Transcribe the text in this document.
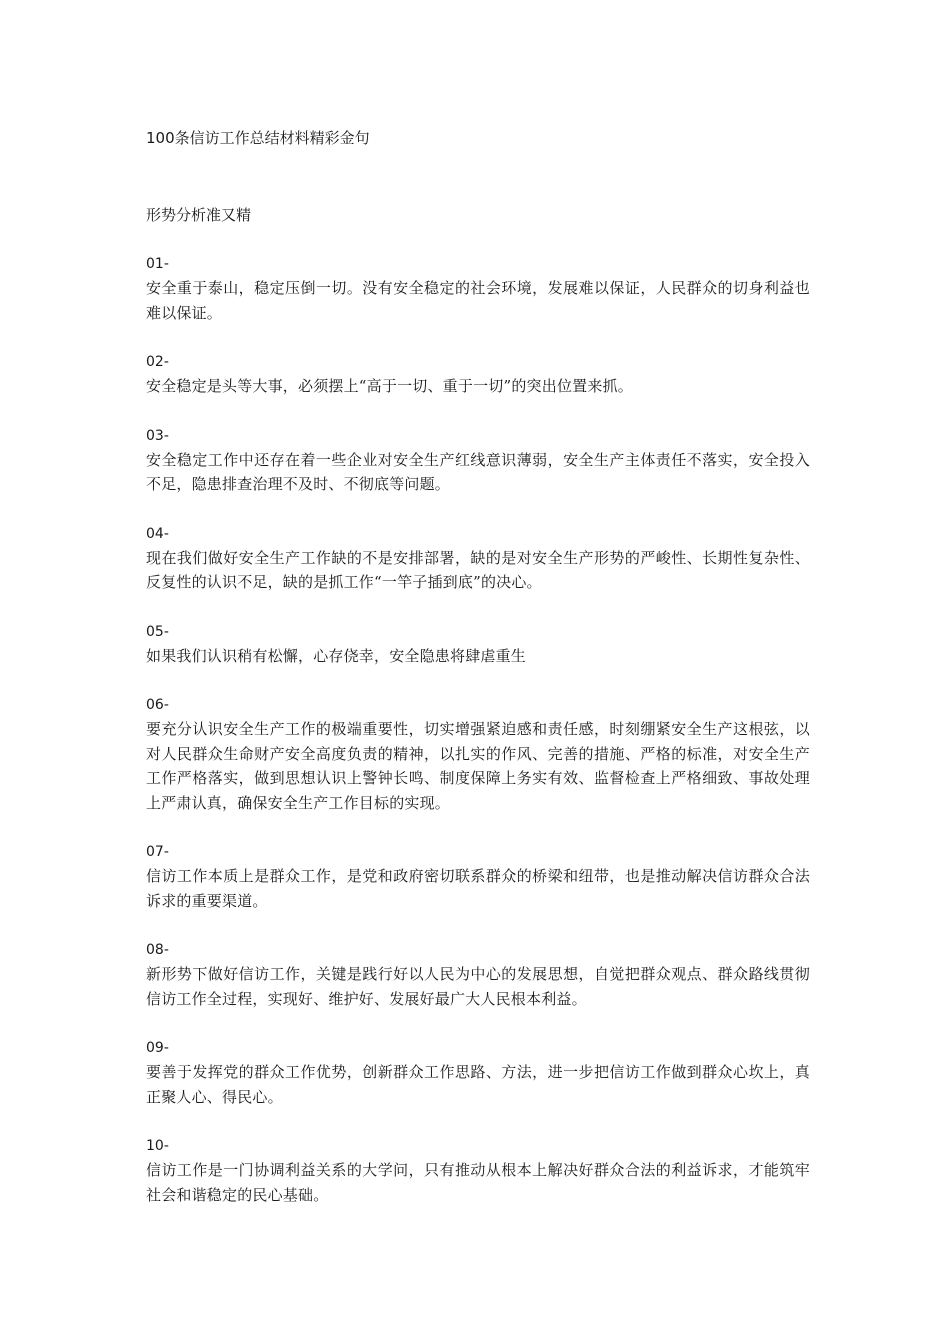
100条信访工作总结材料精彩金句
形势分析准又精
01-
安全重于泰山，稳定压倒一切。没有安全稳定的社会环境，发展难以保证，人民群众的切身利益也难以保证。
02-
安全稳定是头等大事，必须摆上“高于一切、重于一切”的突出位置来抓。
03-
安全稳定工作中还存在着一些企业对安全生产红线意识薄弱，安全生产主体责任不落实，安全投入不足，隐患排查治理不及时、不彻底等问题。
04-
现在我们做好安全生产工作缺的不是安排部署，缺的是对安全生产形势的严峻性、长期性复杂性、反复性的认识不足，缺的是抓工作“一竿子插到底”的决心。
05-
如果我们认识稍有松懈，心存侥幸，安全隐患将肆虐重生
06-
要充分认识安全生产工作的极端重要性，切实增强紧迫感和责任感，时刻绷紧安全生产这根弦，以对人民群众生命财产安全高度负责的精神，以扎实的作风、完善的措施、严格的标准，对安全生产工作严格落实，做到思想认识上警钟长鸣、制度保障上务实有效、监督检查上严格细致、事故处理上严肃认真，确保安全生产工作目标的实现。
07-
信访工作本质上是群众工作，是党和政府密切联系群众的桥梁和纽带，也是推动解决信访群众合法诉求的重要渠道。
08-
新形势下做好信访工作，关键是践行好以人民为中心的发展思想，自觉把群众观点、群众路线贯彻信访工作全过程，实现好、维护好、发展好最广大人民根本利益。
09-
要善于发挥党的群众工作优势，创新群众工作思路、方法，进一步把信访工作做到群众心坎上，真正聚人心、得民心。
10-
信访工作是一门协调利益关系的大学问，只有推动从根本上解决好群众合法的利益诉求，才能筑牢社会和谐稳定的民心基础。
